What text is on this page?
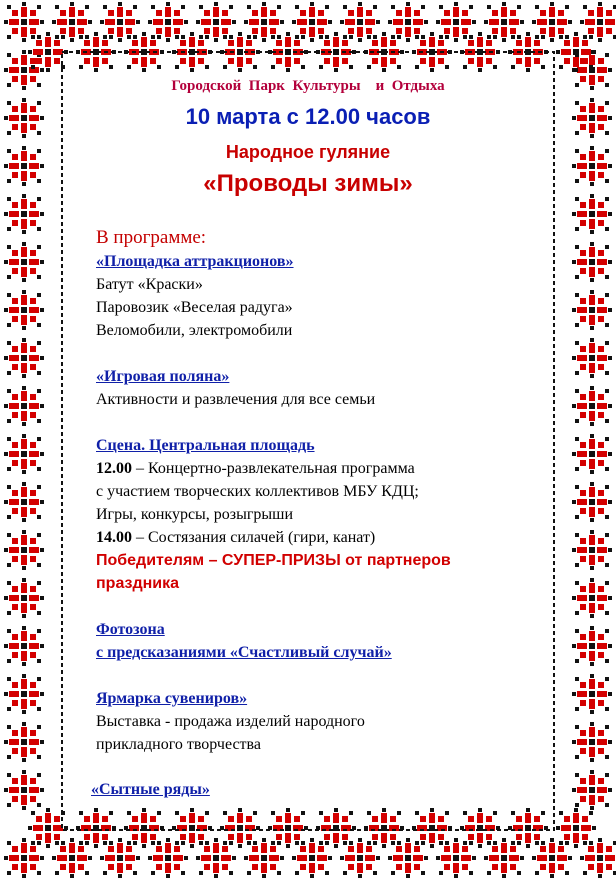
Городской  Парк  Культуры    и  Отдыха
10 марта с 12.00 часов
Народное гуляние
«Проводы зимы»
В программе:
«Площадка аттракционов»
Батут «Краски»
Паровозик «Веселая радуга»
Веломобили, электромобили
«Игровая поляна»
Активности и развлечения для все семьи
Сцена. Центральная площадь
12.00 – Концертно-развлекательная программа
с участием творческих коллективов МБУ КДЦ;
Игры, конкурсы, розыгрыши
14.00 – Состязания силачей (гири, канат)
Победителям – СУПЕР-ПРИЗЫ от партнеров
праздника
Фотозона
с предсказаниями «Счастливый случай»
Ярмарка сувениров»
Выставка - продажа изделий народного
прикладного творчества
«Сытные ряды»
